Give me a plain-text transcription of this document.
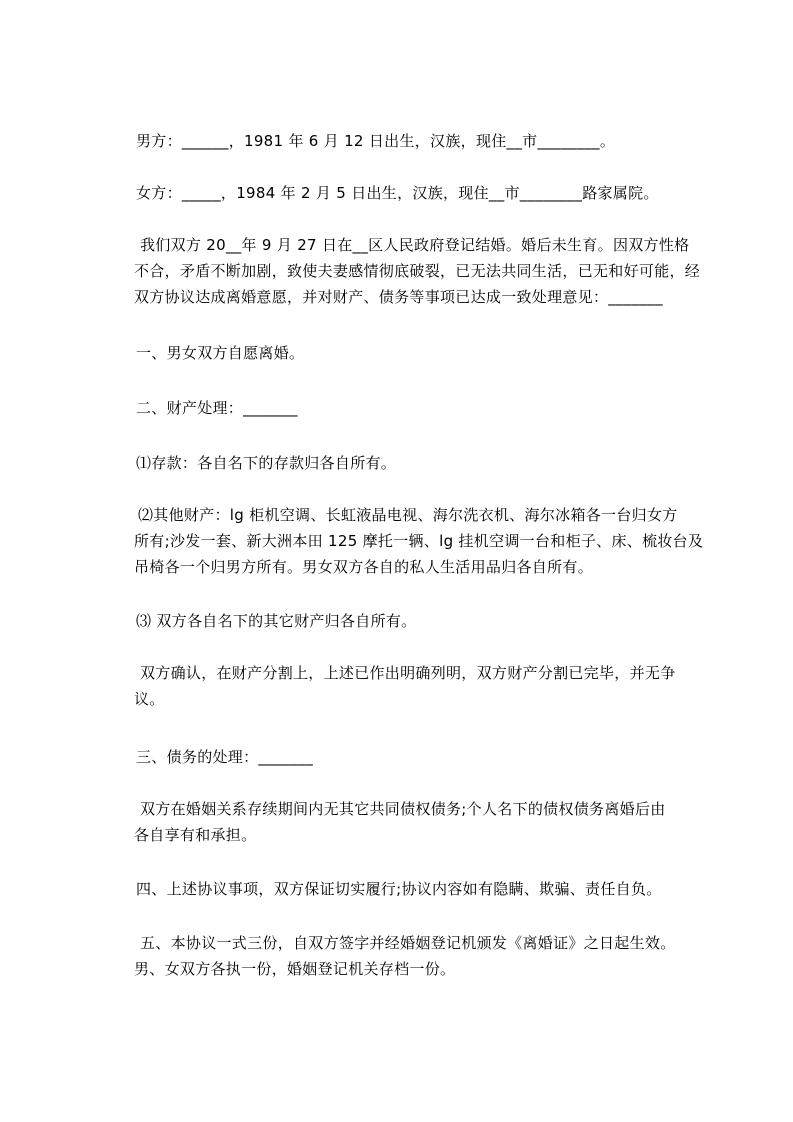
男方：______，1981 年 6 月 12 日出生，汉族，现住__市________。
女方：_____，1984 年 2 月 5 日出生，汉族，现住__市________路家属院。
我们双方 20__年 9 月 27 日在__区人民政府登记结婚。婚后未生育。因双方性格
不合，矛盾不断加剧，致使夫妻感情彻底破裂，已无法共同生活，已无和好可能，经
双方协议达成离婚意愿，并对财产、债务等事项已达成一致处理意见：_______
一、男女双方自愿离婚。
二、财产处理：_______
⑴存款：各自名下的存款归各自所有。
⑵其他财产：lg 柜机空调、长虹液晶电视、海尔洗衣机、海尔冰箱各一台归女方
所有;沙发一套、新大洲本田 125 摩托一辆、lg 挂机空调一台和柜子、床、梳妆台及
吊椅各一个归男方所有。男女双方各自的私人生活用品归各自所有。
⑶ 双方各自名下的其它财产归各自所有。
双方确认，在财产分割上，上述已作出明确列明，双方财产分割已完毕，并无争
议。
三、债务的处理：_______
双方在婚姻关系存续期间内无其它共同债权债务;个人名下的债权债务离婚后由
各自享有和承担。
四、上述协议事项，双方保证切实履行;协议内容如有隐瞒、欺骗、责任自负。
五、本协议一式三份，自双方签字并经婚姻登记机颁发《离婚证》之日起生效。
男、女双方各执一份，婚姻登记机关存档一份。
